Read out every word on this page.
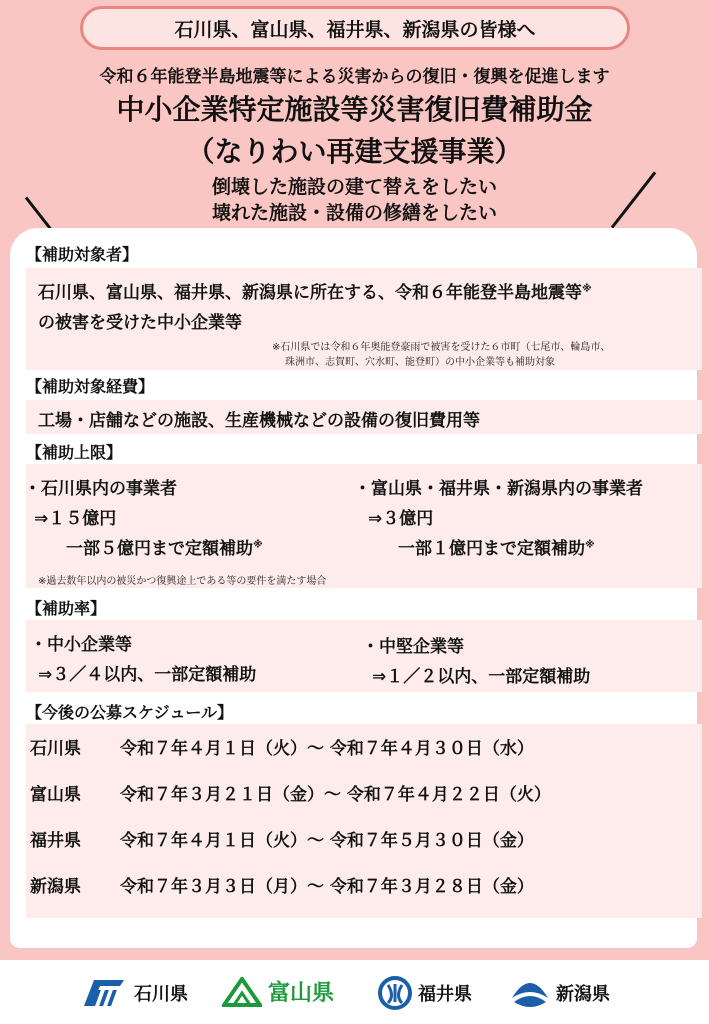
石川県、富山県、福井県、新潟県の皆様へ
令和６年能登半島地震等による災害からの復旧・復興を促進します
中小企業特定施設等災害復旧費補助金
（なりわい再建支援事業）
倒壊した施設の建て替えをしたい
壊れた施設・設備の修繕をしたい
【補助対象者】
石川県、富山県、福井県、新潟県に所在する、令和６年能登半島地震等※
の被害を受けた中小企業等
※石川県では令和６年奥能登豪雨で被害を受けた６市町（七尾市、輪島市、
珠洲市、志賀町、穴水町、能登町）の中小企業等も補助対象
【補助対象経費】
工場・店舗などの施設、生産機械などの設備の復旧費用等
【補助上限】
・石川県内の事業者
⇒１５億円
一部５億円まで定額補助※
・富山県・福井県・新潟県内の事業者
⇒３億円
一部１億円まで定額補助※
※過去数年以内の被災かつ復興途上である等の要件を満たす場合
【補助率】
・中小企業等
⇒３／４以内、一部定額補助
・中堅企業等
⇒１／２以内、一部定額補助
【今後の公募スケジュール】
石川県 令和７年４月１日（火）～ 令和７年４月３０日（水）
富山県 令和７年３月２１日（金）～ 令和７年４月２２日（火）
福井県 令和７年４月１日（火）～ 令和７年５月３０日（金）
新潟県 令和７年３月３日（月）～ 令和７年３月２８日（金）
石川県	富山県	福井県	新潟県
